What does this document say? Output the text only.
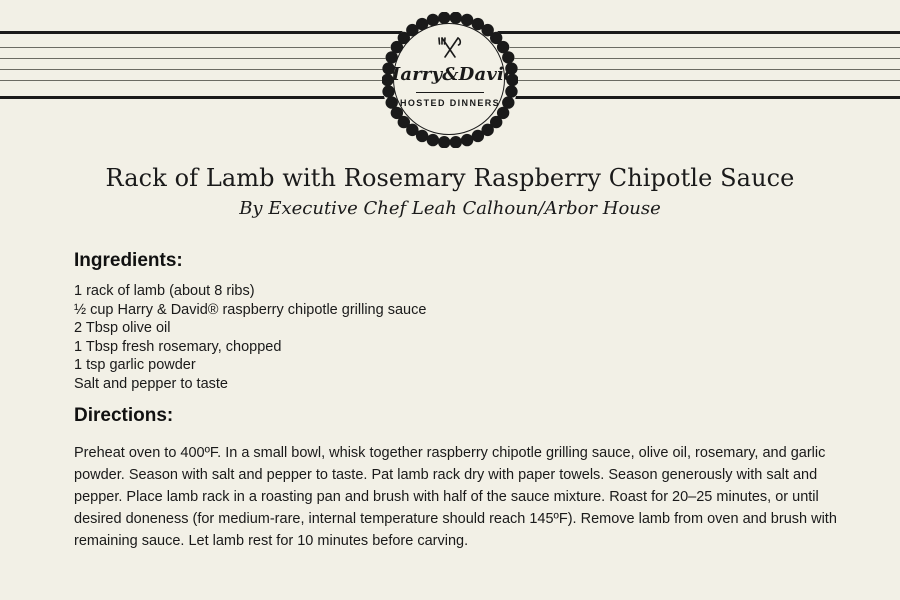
Harry&David
HOSTED DINNERS
Rack of Lamb with Rosemary Raspberry Chipotle Sauce
By Executive Chef Leah Calhoun/Arbor House
Ingredients:
1 rack of lamb (about 8 ribs)
½ cup Harry & David® raspberry chipotle grilling sauce
2 Tbsp olive oil
1 Tbsp fresh rosemary, chopped
1 tsp garlic powder
Salt and pepper to taste
Directions:

Preheat oven to 400ºF. In a small bowl, whisk together raspberry chipotle grilling sauce, olive oil, rosemary, and garlic powder. Season with salt and pepper to taste. Pat lamb rack dry with paper towels. Season generously with salt and pepper. Place lamb rack in a roasting pan and brush with half of the sauce mixture. Roast for 20–25 minutes, or until desired doneness (for medium-rare, internal temperature should reach 145ºF). Remove lamb from oven and brush with remaining sauce. Let lamb rest for 10 minutes before carving.
